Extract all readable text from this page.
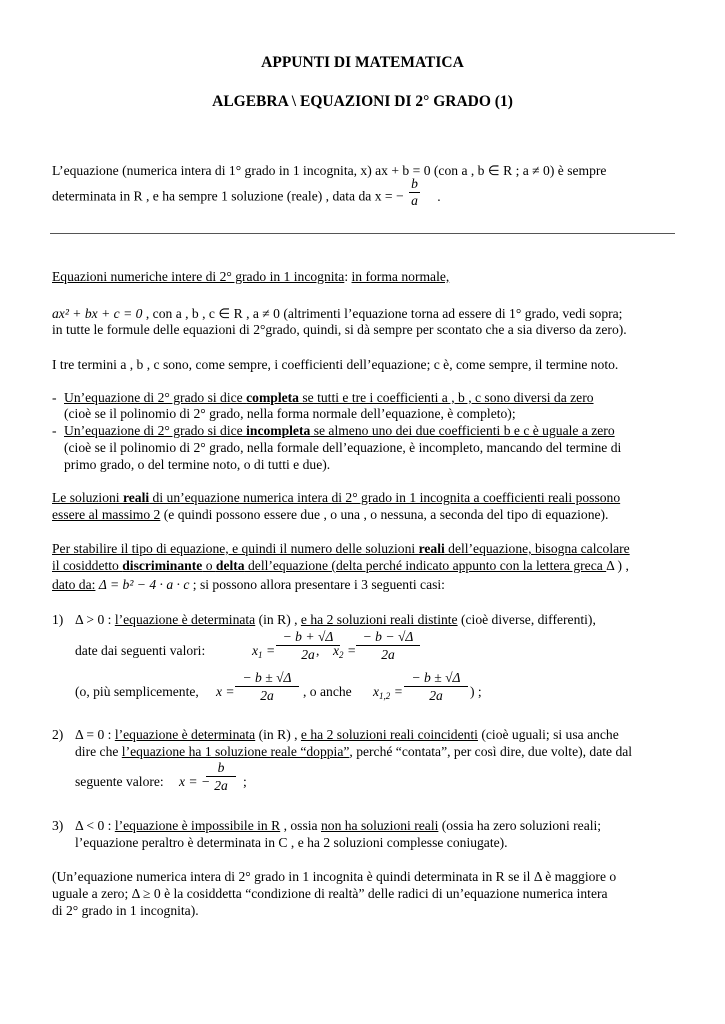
APPUNTI DI MATEMATICA
ALGEBRA \ EQUAZIONI DI 2° GRADO (1)
L’equazione (numerica intera di 1° grado in 1 incognita, x) ax + b = 0 (con a , b ∈ R ; a ≠ 0) è sempre
determinata in R , e ha sempre 1 soluzione (reale) , data da x = − $\frac{b}{a}$ .
Equazioni numeriche intere di 2° grado in 1 incognita: in forma normale,
ax² + bx + c = 0 , con a , b , c ∈ R , a ≠ 0 (altrimenti l’equazione torna ad essere di 1° grado, vedi sopra;
in tutte le formule delle equazioni di 2°grado, quindi, si dà sempre per scontato che a sia diverso da zero).
I tre termini a , b , c sono, come sempre, i coefficienti dell’equazione; c è, come sempre, il termine noto.
- Un’equazione di 2° grado si dice completa se tutti e tre i coefficienti a , b , c sono diversi da zero
(cioè se il polinomio di 2° grado, nella forma normale dell’equazione, è completo);
- Un’equazione di 2° grado si dice incompleta se almeno uno dei due coefficienti b e c è uguale a zero
(cioè se il polinomio di 2° grado, nella formale dell’equazione, è incompleto, mancando del termine di
primo grado, o del termine noto, o di tutti e due).
Le soluzioni reali di un’equazione numerica intera di 2° grado in 1 incognita a coefficienti reali possono
essere al massimo 2 (e quindi possono essere due , o una , o nessuna, a seconda del tipo di equazione).
Per stabilire il tipo di equazione, e quindi il numero delle soluzioni reali dell’equazione, bisogna calcolare
il cosiddetto discriminante o delta dell’equazione (delta perché indicato appunto con la lettera greca Δ ) ,
dato da: Δ = b² − 4 · a · c ; si possono allora presentare i 3 seguenti casi:
1) Δ > 0 : l’equazione è determinata (in R) , e ha 2 soluzioni reali distinte (cioè diverse, differenti),
date dai seguenti valori:	$x_1 = \frac{- b + √\Delta}{2a}$
, $x_2 = \frac{- b - √\Delta}{2a}$
(o, più semplicemente, $x = \frac{- b \pm √\Delta}{2a}$ , o anche $x_{1,2} = \frac{- b \pm √\Delta}{2a}$ ) ;
2) Δ = 0 : l’equazione è determinata (in R) , e ha 2 soluzioni reali coincidenti (cioè uguali; si usa anche
dire che l’equazione ha 1 soluzione reale “doppia”, perché “contata”, per così dire, due volte), date dal
seguente valore: x = −
$\frac{b}{2a}$ ;
3) Δ < 0 : l’equazione è impossibile in R , ossia non ha soluzioni reali (ossia ha zero soluzioni reali;
l’equazione peraltro è determinata in C , e ha 2 soluzioni complesse coniugate).
(Un’equazione numerica intera di 2° grado in 1 incognita è quindi determinata in R se il Δ è maggiore o
uguale a zero; Δ ≥ 0 è la cosiddetta “condizione di realtà” delle radici di un’equazione numerica intera
di 2° grado in 1 incognita).
